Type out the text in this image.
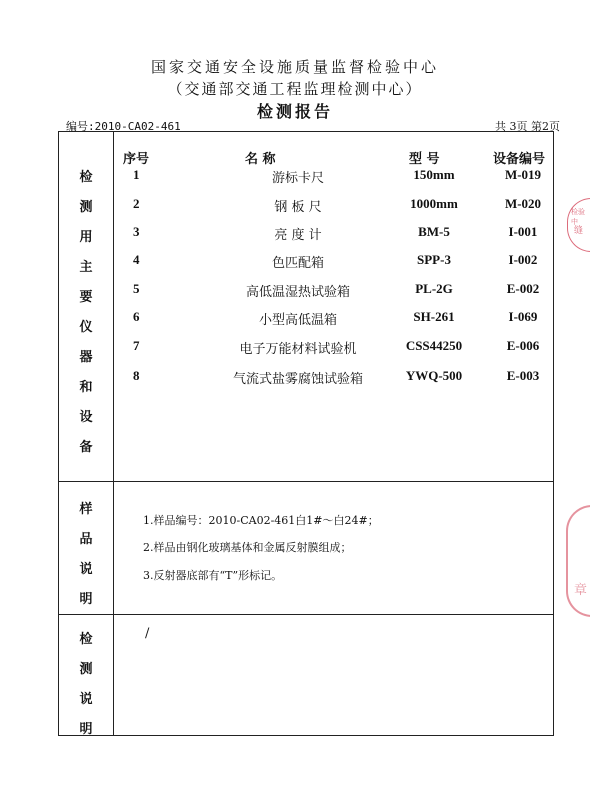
国家交通安全设施质量监督检验中心
（交通部交通工程监理检测中心）
检测报告
编号:2010-CA02-461	共 3页 第2页
检
测
用
主
要
仪
器
和
设
备
序号	名 称	型 号	设备编号
1	游标卡尺	150mm	M-019
2	钢 板 尺	1000mm	M-020
3	亮 度 计	BM-5	I-001
4	色匹配箱	SPP-3	I-002
5	高低温湿热试验箱	PL-2G	E-002
6	小型高低温箱	SH-261	I-069
7	电子万能材料试验机	CSS44250	E-006
8	气流式盐雾腐蚀试验箱	YWQ-500	E-003
样
品
说
明
1.样品编号：2010-CA02-461白1#～白24#；
2.样品由钢化玻璃基体和金属反射膜组成；
3.反射器底部有“T”形标记。
检
测
说
明
/
检验中
缝
章
